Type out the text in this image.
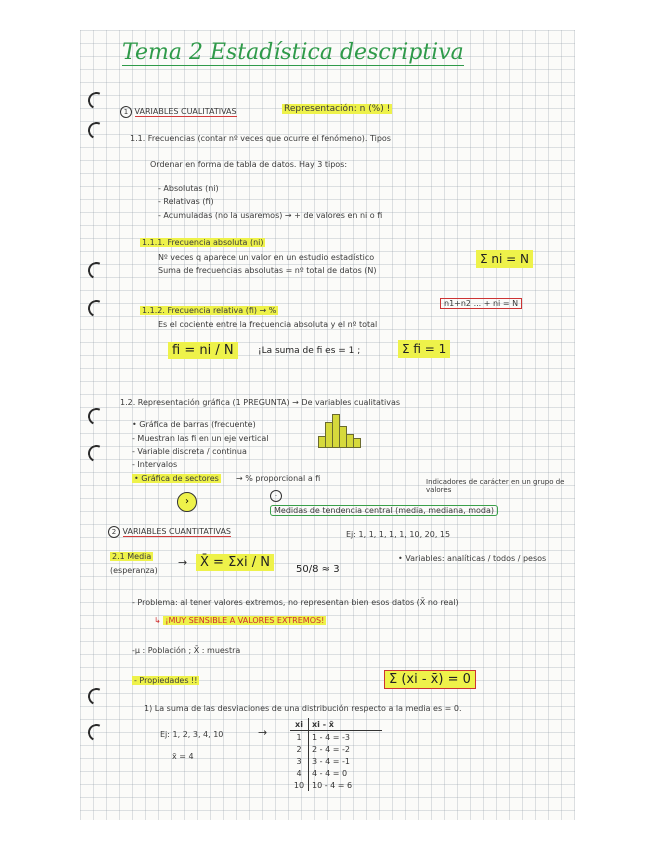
Tema 2 Estadística descriptiva
1 VARIABLES CUALITATIVAS	Representación: n (%) !
1.1. Frecuencias (contar nº veces que ocurre el fenómeno). Tipos
Ordenar en forma de tabla de datos. Hay 3 tipos:
- Absolutas (ni)
- Relativas (fi)
- Acumuladas (no la usaremos) → + de valores en ni o fi
1.1.1. Frecuencia absoluta (ni)
Nº veces q aparece un valor en un estudio estadístico
Suma de frecuencias absolutas = nº total de datos (N)
Σ ni = N
n1+n2 ... + ni = N
1.1.2. Frecuencia relativa (fi) → %
Es el cociente entre la frecuencia absoluta y el nº total
fi = ni / N	¡La suma de fi es = 1 ;	Σ fi = 1
1.2. Representación gráfica (1 PREGUNTA) → De variables cualitativas
• Gráfica de barras (frecuente)
- Muestran las fi en un eje vertical
- Variable discreta / continua
- Intervalos
• Gráfica de sectores → % proporcional a fi	Indicadores de carácter en un grupo de valores
›	·
Medidas de tendencia central (media, mediana, moda)
2 VARIABLES CUANTITATIVAS	Ej: 1, 1, 1, 1, 1, 10, 20, 15
2.1 Media
(esperanza)
→ X̄ = Σxi / N	50/8 ≈ 3
• Variables: analíticas / todos / pesos
- Problema: al tener valores extremos, no representan bien esos datos (X̄ no real)
↳ ¡MUY SENSIBLE A VALORES EXTREMOS!
-μ : Población ; X̄ : muestra
- Propiedades !!	Σ (xi - x̄) = 0
1) La suma de las desviaciones de una distribución respecto a la media es = 0.
Ej: 1, 2, 3, 4, 10	→
x̄ = 4
xi	xi - x̄
1	1 - 4 = -3
2	2 - 4 = -2
3	3 - 4 = -1
4	4 - 4 = 0
10	10 - 4 = 6
